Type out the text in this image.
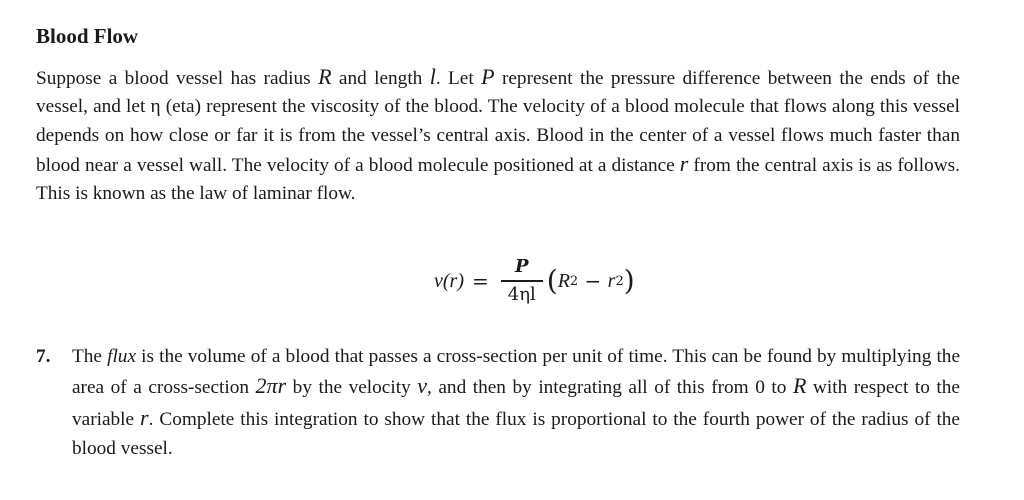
Blood Flow
Suppose a blood vessel has radius R and length l. Let P represent the pressure difference between the ends of the vessel, and let η (eta) represent the viscosity of the blood. The velocity of a blood molecule that flows along this vessel depends on how close or far it is from the vessel’s central axis. Blood in the center of a vessel flows much faster than blood near a vessel wall. The velocity of a blood molecule positioned at a distance r from the central axis is as follows. This is known as the law of laminar flow.
$v(r) = \frac{P}{4\eta l}$ ( R 2 − r 2 )
7. The flux is the volume of a blood that passes a cross-section per unit of time. This can be found by multiplying the area of a cross-section 2πr by the velocity v, and then by integrating all of this from 0 to R with respect to the variable r. Complete this integration to show that the flux is proportional to the fourth power of the radius of the blood vessel.
